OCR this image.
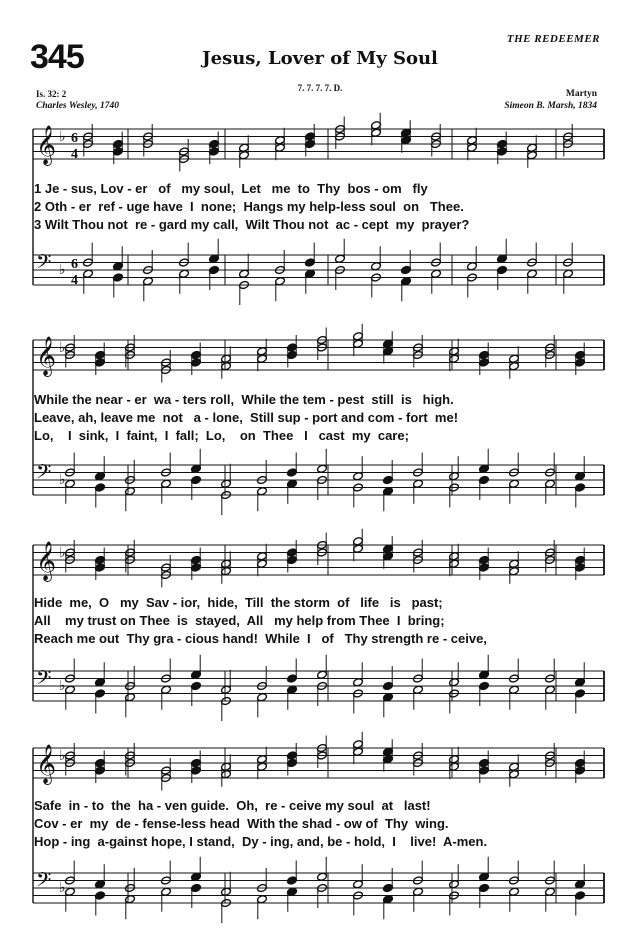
345	THE REDEEMER
Jesus, Lover of My Soul
7. 7. 7. 7. D.
Is. 32: 2
Charles Wesley, 1740
Martyn
Simeon B. Marsh, 1834
𝄞 ♭ 6
4
𝄢 ♭ 6
4
𝄞 ♭
𝄢 ♭
𝄞 ♭
𝄢 ♭
𝄞 ♭
𝄢 ♭
1 Je - sus, Lov - er   of   my soul,  Let   me  to  Thy  bos - om   fly
2 Oth - er  ref - uge have  I  none;  Hangs my help-less soul  on   Thee.
3 Wilt Thou not  re - gard my call,  Wilt Thou not  ac - cept  my  prayer?
While the near - er  wa - ters roll,  While the tem - pest  still  is   high.
Leave, ah, leave me  not   a - lone,  Still sup - port and com - fort  me!
Lo,    I  sink,  I  faint,  I  fall;  Lo,    on  Thee   I   cast  my  care;
Hide  me,  O   my  Sav - ior,  hide,  Till  the storm  of   life   is   past;
All    my trust on Thee  is  stayed,  All   my help from Thee  I  bring;
Reach me out  Thy gra - cious hand!  While  I   of   Thy strength re - ceive,
Safe  in - to  the  ha - ven guide.  Oh,  re - ceive my soul  at   last!
Cov - er  my  de - fense-less head  With the shad - ow of  Thy  wing.
Hop - ing  a-gainst hope, I stand,  Dy - ing, and, be - hold,  I    live!  A-men.
